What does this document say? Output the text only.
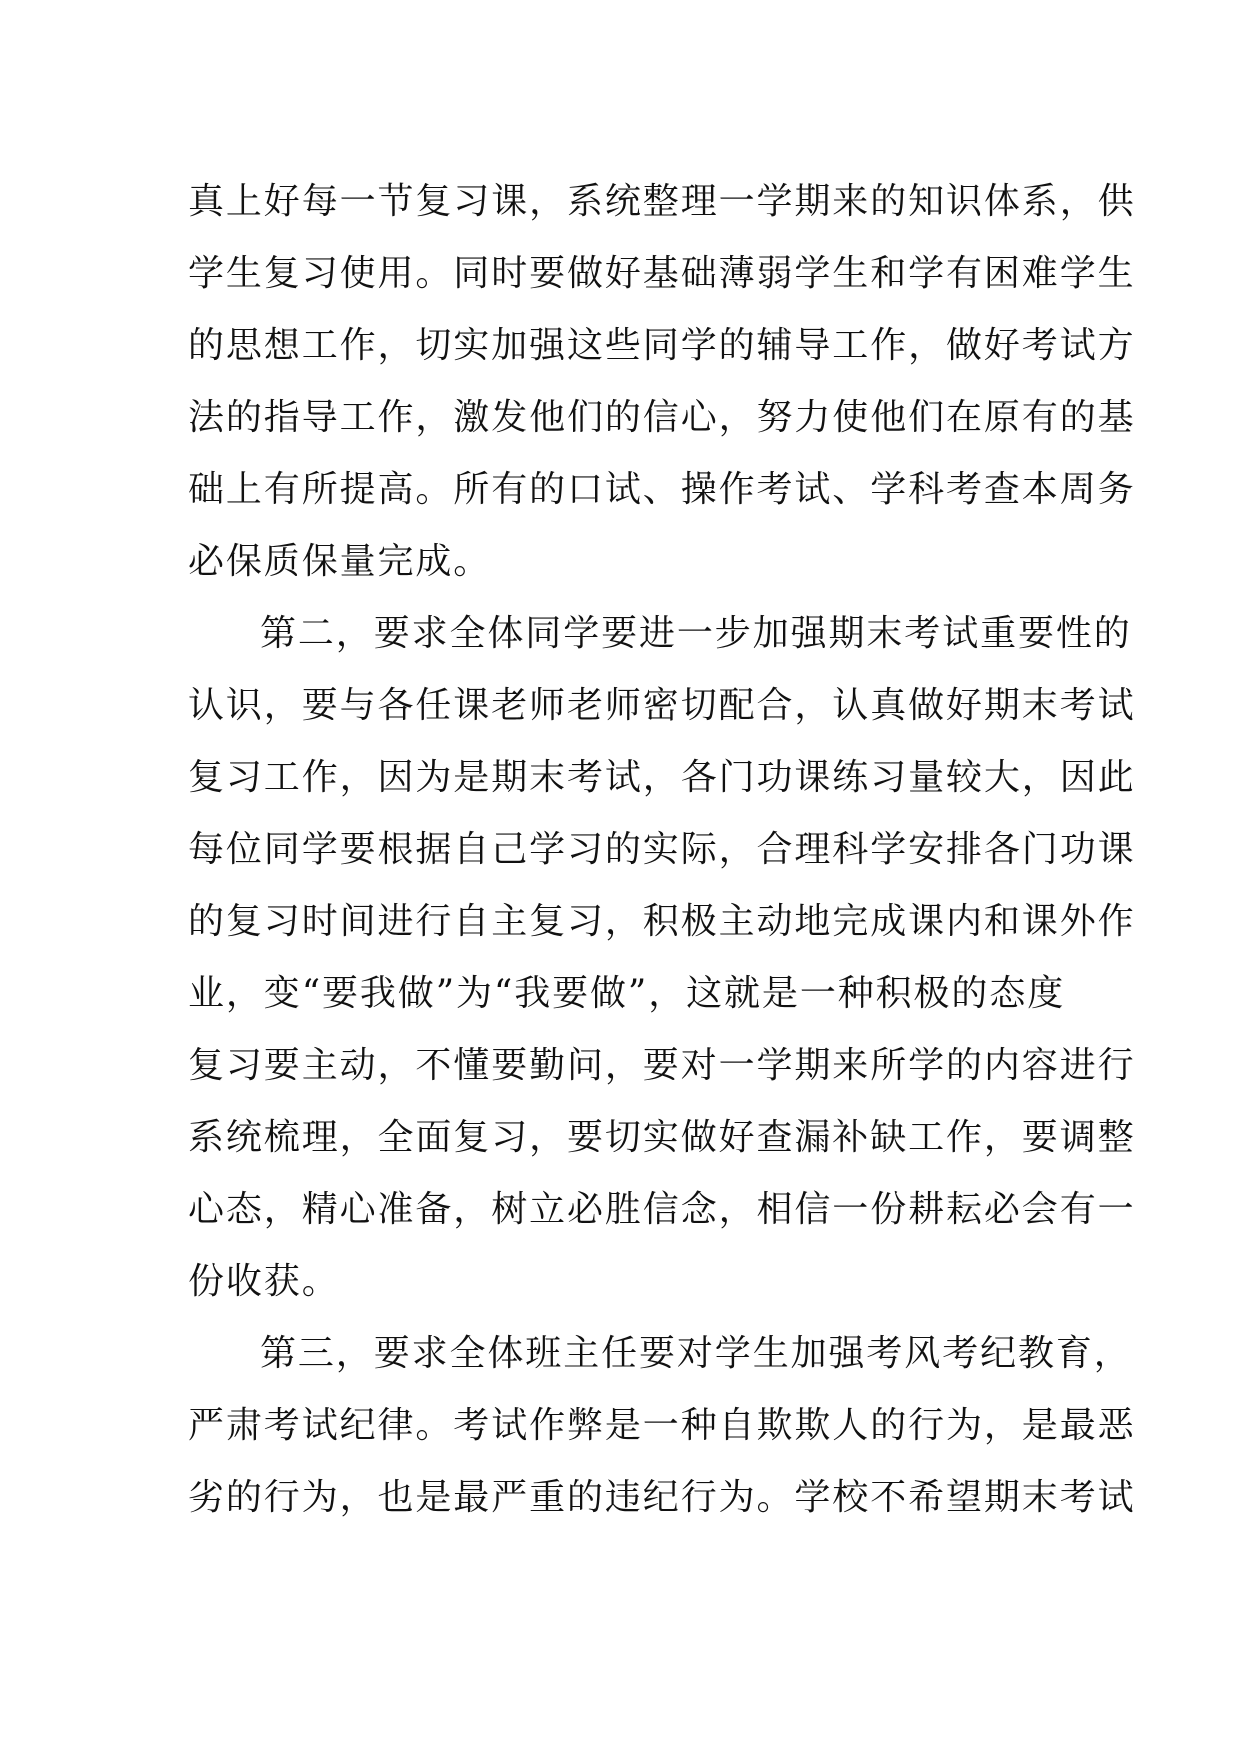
真上好每一节复习课，系统整理一学期来的知识体系，供
学生复习使用。同时要做好基础薄弱学生和学有困难学生
的思想工作，切实加强这些同学的辅导工作，做好考试方
法的指导工作，激发他们的信心，努力使他们在原有的基
础上有所提高。所有的口试、操作考试、学科考查本周务
必保质保量完成。
第二，要求全体同学要进一步加强期末考试重要性的
认识，要与各任课老师老师密切配合，认真做好期末考试
复习工作，因为是期末考试，各门功课练习量较大，因此
每位同学要根据自己学习的实际，合理科学安排各门功课
的复习时间进行自主复习，积极主动地完成课内和课外作
业，变“要我做”为“我要做”，这就是一种积极的态度
复习要主动，不懂要勤问，要对一学期来所学的内容进行
系统梳理，全面复习，要切实做好查漏补缺工作，要调整
心态，精心准备，树立必胜信念，相信一份耕耘必会有一
份收获。
第三，要求全体班主任要对学生加强考风考纪教育，
严肃考试纪律。考试作弊是一种自欺欺人的行为，是最恶
劣的行为，也是最严重的违纪行为。学校不希望期末考试
